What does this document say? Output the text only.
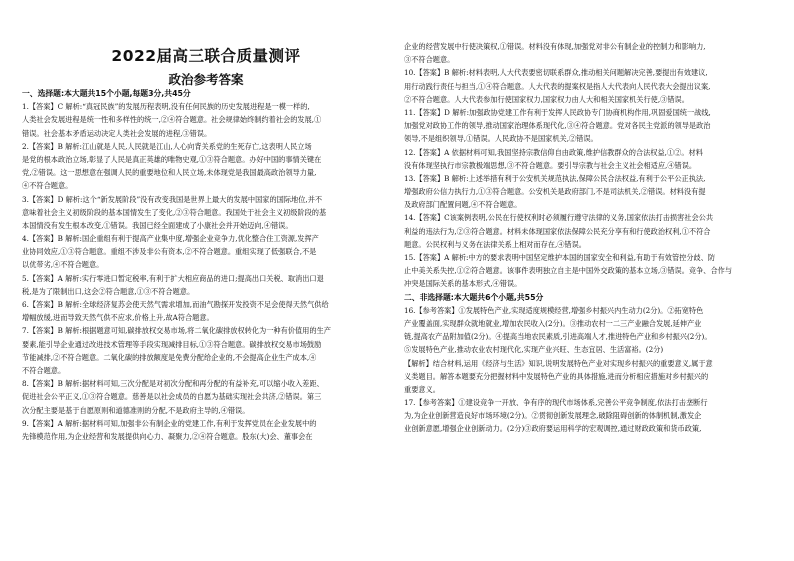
2022届高三联合质量测评
政治参考答案
一、选择题:本大题共15个小题,每题3分,共45分
1.【答案】C 解析:“真冠民族”的发展历程表明,没有任何民族的历史发展进程是一模一样的,
人类社会发展进程是统一性和多样性的统一,②④符合题意。社会规律始终制约着社会的发展,①
错误。社会基本矛盾运动决定人类社会发展的进程,③错误。
2.【答案】B 解析:江山就是人民,人民就是江山,人心向背关系党的生死存亡,这表明人民立场
是党的根本政治立场,彰显了人民是真正英雄的唯物史观,①③符合题意。办好中国的事情关键在
党,②错误。这一思想意在强调人民的重要地位和人民立场,未体现党是我国最高政治领导力量,
④不符合题意。
3.【答案】D 解析:这个“新发展阶段”没有改变我国是世界上最大的发展中国家的国际地位,并不
意味着社会主义初级阶段的基本国情发生了变化,②③符合题意。我国处于社会主义初级阶段的基
本国情没有发生根本改变,①错误。我国已经全面建成了小康社会并开始迈向,④错误。
4.【答案】B 解析:国企重组有利于提高产业集中度,增强企业竞争力,优化整合住工资源,发挥产
业协同效应,①③符合题意。重组不涉及非公有资本,②不符合题意。重组实现了低强联合,不是
以优带劣,④不符合题意。
5.【答案】A 解析:实行零进口暂定税率,有利于扩大相应商品的进口;提高出口关税、取消出口退
税,是为了限制出口,这会②符合题意,①③不符合题意。
6.【答案】B 解析:全球经济复苏会使天然气需求增加,而油气勘探开发投资不足会使得天然气供给
增幅放缓,进而导致天然气供不应求,价格上升,故A符合题意。
7.【答案】B 解析:根据题意可知,碳排放权交易市场,将二氧化碳排放权转化为一种有价值用的生产
要素,能引导企业通过改进技术管理等手段实现减排目标,①③符合题意。碳排放权交易市场鼓励
节能减排,②不符合题意。二氧化碳的排放额度是免费分配给企业的,不会提高企业生产成本,④
不符合题意。
8.【答案】B 解析:据材料可知,三次分配是对初次分配和再分配的有益补充,可以缩小收入差距、
促进社会公平正义,①③符合题意。慈善是以社会成员的自愿为基础实现社会共济,②错误。第三
次分配主要是基于自愿原则和道德准则的分配,不是政府主导的,④错误。
9.【答案】A 解析:据材料可知,加强非公有制企业的党建工作,有利于发挥党员在企业发展中的
先锋模范作用,为企业经营和发展提供向心力、凝聚力,②④符合题意。股东(大)会、董事会在
企业的经营发展中行使决策权,①错误。材料没有体现,加强党对非公有制企业的控制力和影响力,
③不符合题意。
10.【答案】B 解析:材料表明,人大代表要密切联系群众,推动相关问题解决完善,要提出有效建议,
用行动践行责任与担当,①④符合题意。人大代表的提案权是指人大代表向人民代表大会提出议案,
②不符合题意。人大代表参加行使国家权力,国家权力由人大和相关国家机关行使,③错误。
11.【答案】D 解析:加强政协党建工作有利于发挥人民政协专门协商机构作用,巩固爱国统一战线,
加强党对政协工作的领导,推动国家治理体系现代化,③④符合题意。党对各民主党派的领导是政治
领导,不是组织领导,①错误。人民政协不是国家机关,②错误。
12.【答案】A 依据材料可知,我国坚持宗教信仰自由政策,维护信教群众的合法权益,①②。材料
没有体现坚执行市宗教极端思想,③不符合题意。要引导宗教与社会主义社会相适应,④错误。
13.【答案】B 解析:上述举措有利于公安机关规范执法,保障公民合法权益,有利于公平公正执法,
增强政府公信力执行力,①③符合题意。公安机关是政府部门,不是司法机关,②错误。材料没有提
及政府部门配置问题,④不符合题意。
14.【答案】C该案例表明,公民在行使权利时必须履行遵守法律的义务,国家依法打击损害社会公共
利益的违法行为,②③符合题意。材料未体现国家依法保障公民充分享有和行使政治权利,①不符合
题意。公民权利与义务在法律关系上相对而存在,④错误。
15.【答案】A 解析:中方的要求表明中国坚定维护本国的国家安全和利益,有助于有效管控分歧、防
止中美关系失控,①②符合题意。该事件表明独立自主是中国外交政策的基本立场,③错误。竞争、合作与
冲突是国际关系的基本形式,④错误。
二、非选择题:本大题共6个小题,共55分
16.【参考答案】①发展特色产业,实现适度规模经营,增强乡村振兴内生动力(2分)。②拓宽特色
产业覆盖面,实现群众就地就业,增加农民收入(2分)。③推动农村一二三产业融合发展,延伸产业
链,提高农产品附加值(2分)。④提高当地农民素质,引进高端人才,推进特色产业和乡村振兴(2分)。
⑤发展特色产业,推动农业农村现代化,实现产业兴旺、生态宜居、生活富裕。(2分)
【解析】结合材料,运用《经济与生活》知识,说明发展特色产业对实现乡村振兴的重要意义,属于意
义类题目。解答本题要充分把握材料中发展特色产业的具体措施,进而分析相应措施对乡村振兴的
重要意义。
17.【参考答案】①建设竞争一开放、争有序的现代市场体系,完善公平竞争制度,依法打击垄断行
为,为企业创新营造良好市场环境(2分)。②贯彻创新发展理念,破除阻碍创新的体制机制,激发企
业创新意愿,增强企业创新动力。(2分)③政府要运用科学的宏观调控,通过财政政策和货币政策,
